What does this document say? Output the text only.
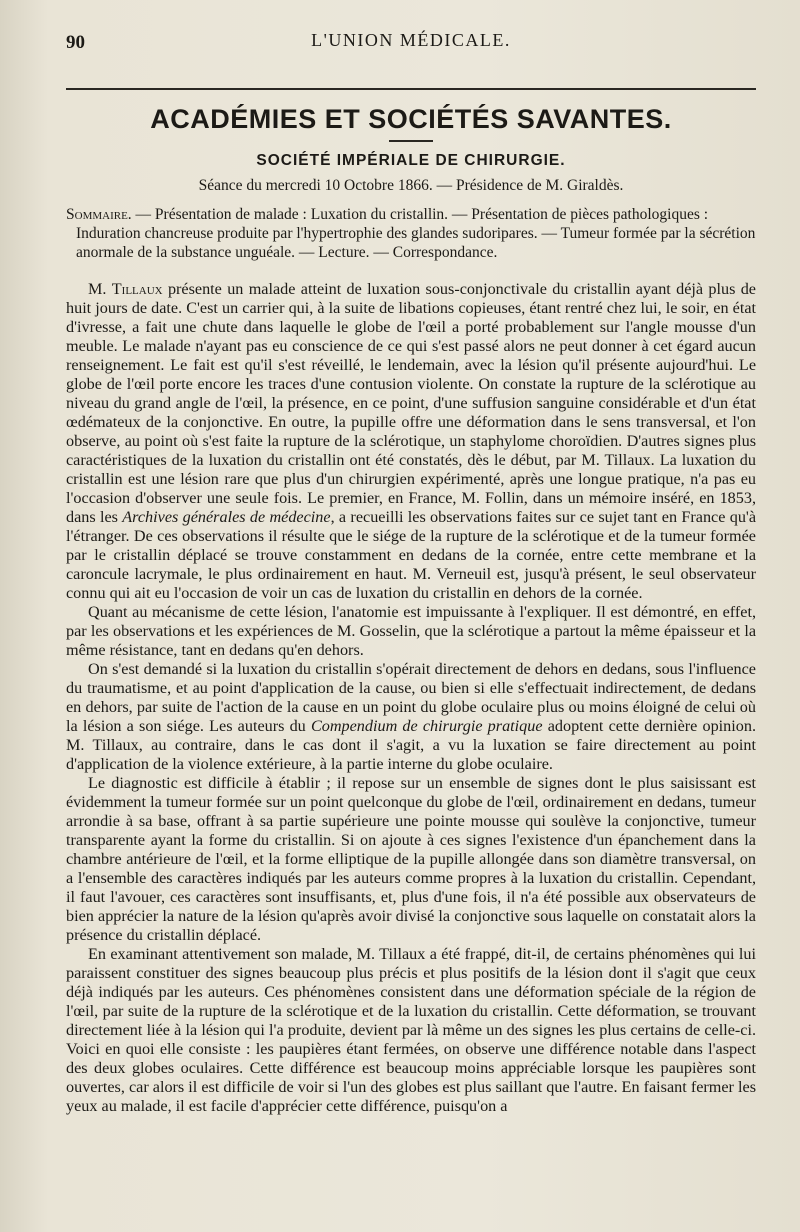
90	L'UNION MÉDICALE.
ACADÉMIES ET SOCIÉTÉS SAVANTES.
SOCIÉTÉ IMPÉRIALE DE CHIRURGIE.
Séance du mercredi 10 Octobre 1866. — Présidence de M. Giraldès.

Sommaire. — Présentation de malade : Luxation du cristallin. — Présentation de pièces pathologiques : Induration chancreuse produite par l'hypertrophie des glandes sudoripares. — Tumeur formée par la sécrétion anormale de la substance unguéale. — Lecture. — Correspondance.

M. Tillaux présente un malade atteint de luxation sous-conjonctivale du cristallin ayant déjà plus de huit jours de date. C'est un carrier qui, à la suite de libations copieuses, étant rentré chez lui, le soir, en état d'ivresse, a fait une chute dans laquelle le globe de l'œil a porté probablement sur l'angle mousse d'un meuble. Le malade n'ayant pas eu conscience de ce qui s'est passé alors ne peut donner à cet égard aucun renseignement. Le fait est qu'il s'est réveillé, le lendemain, avec la lésion qu'il présente aujourd'hui. Le globe de l'œil porte encore les traces d'une contusion violente. On constate la rupture de la sclérotique au niveau du grand angle de l'œil, la présence, en ce point, d'une suffusion sanguine considérable et d'un état œdémateux de la conjonctive. En outre, la pupille offre une déformation dans le sens transversal, et l'on observe, au point où s'est faite la rupture de la sclérotique, un staphylome choroïdien. D'autres signes plus caractéristiques de la luxation du cristallin ont été constatés, dès le début, par M. Tillaux. La luxation du cristallin est une lésion rare que plus d'un chirurgien expérimenté, après une longue pratique, n'a pas eu l'occasion d'observer une seule fois. Le premier, en France, M. Follin, dans un mémoire inséré, en 1853, dans les Archives générales de médecine, a recueilli les observations faites sur ce sujet tant en France qu'à l'étranger. De ces observations il résulte que le siége de la rupture de la sclérotique et de la tumeur formée par le cristallin déplacé se trouve constamment en dedans de la cornée, entre cette membrane et la caroncule lacrymale, le plus ordinairement en haut. M. Verneuil est, jusqu'à présent, le seul observateur connu qui ait eu l'occasion de voir un cas de luxation du cristallin en dehors de la cornée.

Quant au mécanisme de cette lésion, l'anatomie est impuissante à l'expliquer. Il est démontré, en effet, par les observations et les expériences de M. Gosselin, que la sclérotique a partout la même épaisseur et la même résistance, tant en dedans qu'en dehors.

On s'est demandé si la luxation du cristallin s'opérait directement de dehors en dedans, sous l'influence du traumatisme, et au point d'application de la cause, ou bien si elle s'effectuait indirectement, de dedans en dehors, par suite de l'action de la cause en un point du globe oculaire plus ou moins éloigné de celui où la lésion a son siége. Les auteurs du Compendium de chirurgie pratique adoptent cette dernière opinion. M. Tillaux, au contraire, dans le cas dont il s'agit, a vu la luxation se faire directement au point d'application de la violence extérieure, à la partie interne du globe oculaire.

Le diagnostic est difficile à établir ; il repose sur un ensemble de signes dont le plus saisissant est évidemment la tumeur formée sur un point quelconque du globe de l'œil, ordinairement en dedans, tumeur arrondie à sa base, offrant à sa partie supérieure une pointe mousse qui soulève la conjonctive, tumeur transparente ayant la forme du cristallin. Si on ajoute à ces signes l'existence d'un épanchement dans la chambre antérieure de l'œil, et la forme elliptique de la pupille allongée dans son diamètre transversal, on a l'ensemble des caractères indiqués par les auteurs comme propres à la luxation du cristallin. Cependant, il faut l'avouer, ces caractères sont insuffisants, et, plus d'une fois, il n'a été possible aux observateurs de bien apprécier la nature de la lésion qu'après avoir divisé la conjonctive sous laquelle on constatait alors la présence du cristallin déplacé.

En examinant attentivement son malade, M. Tillaux a été frappé, dit-il, de certains phénomènes qui lui paraissent constituer des signes beaucoup plus précis et plus positifs de la lésion dont il s'agit que ceux déjà indiqués par les auteurs. Ces phénomènes consistent dans une déformation spéciale de la région de l'œil, par suite de la rupture de la sclérotique et de la luxation du cristallin. Cette déformation, se trouvant directement liée à la lésion qui l'a produite, devient par là même un des signes les plus certains de celle-ci. Voici en quoi elle consiste : les paupières étant fermées, on observe une différence notable dans l'aspect des deux globes oculaires. Cette différence est beaucoup moins appréciable lorsque les paupières sont ouvertes, car alors il est difficile de voir si l'un des globes est plus saillant que l'autre. En faisant fermer les yeux au malade, il est facile d'apprécier cette différence, puisqu'on a
